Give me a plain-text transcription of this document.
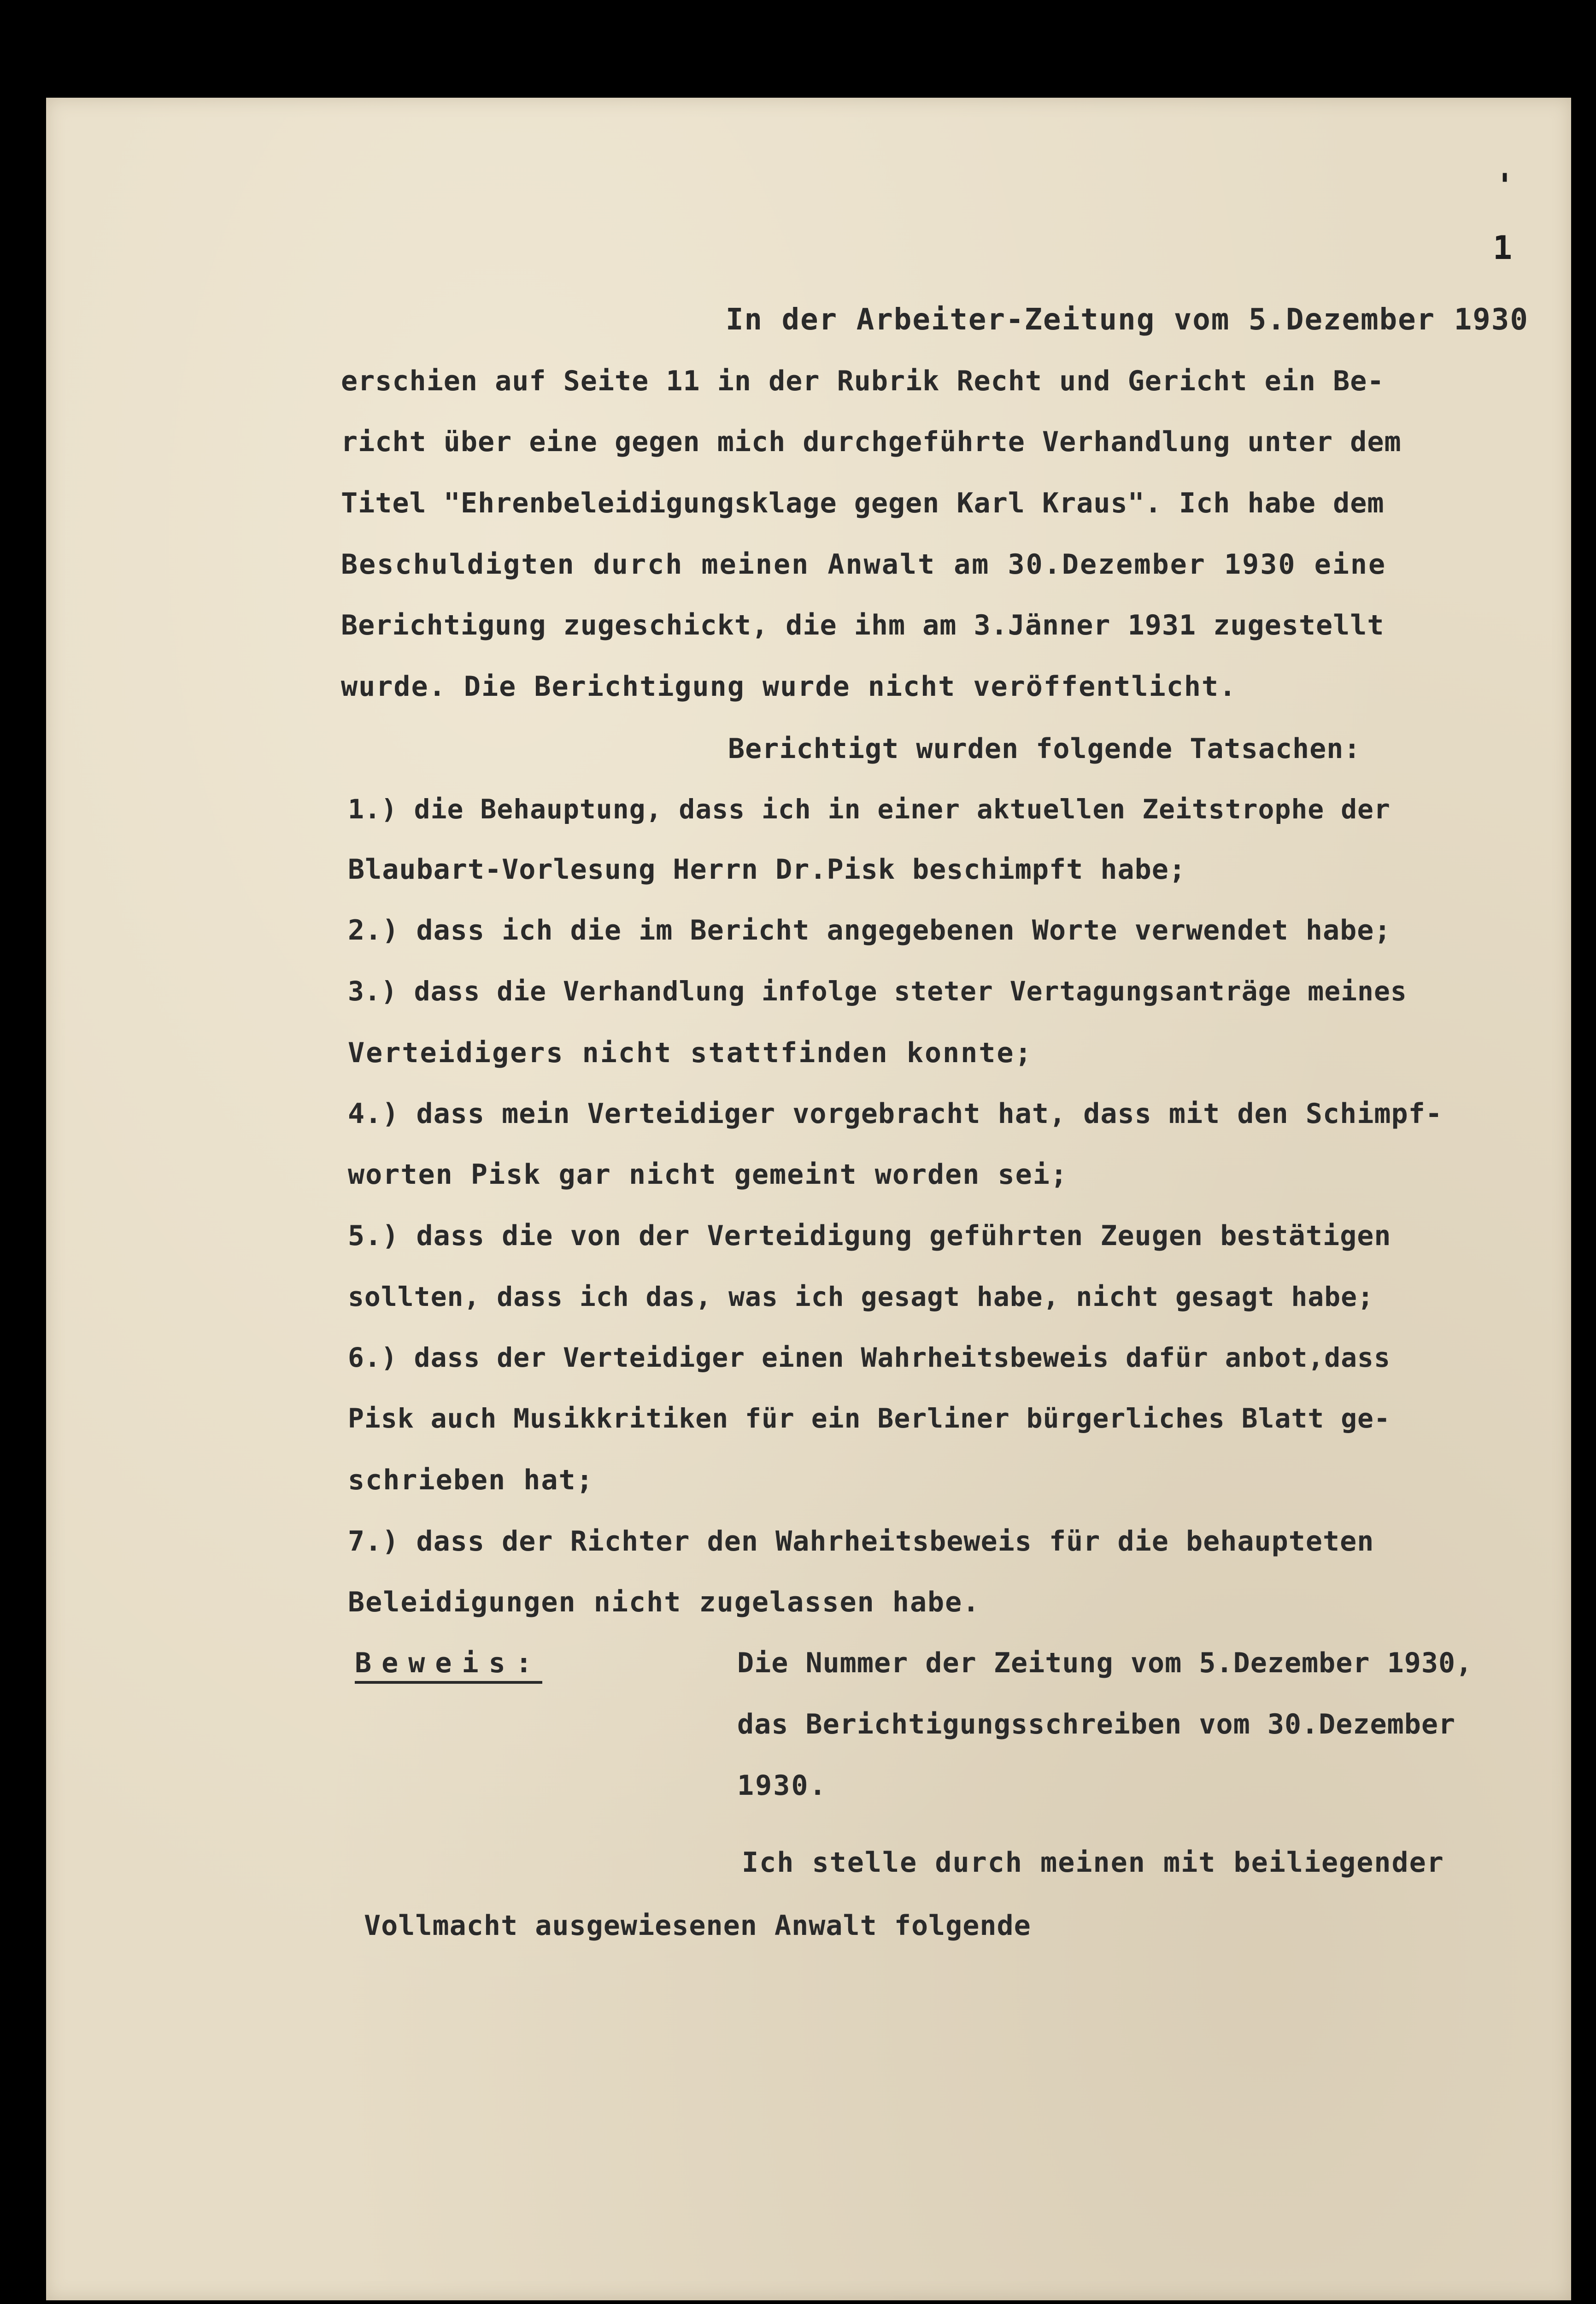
'
1
In der Arbeiter-Zeitung vom 5.Dezember 1930
erschien auf Seite 11 in der Rubrik Recht und Gericht ein Be-
richt über eine gegen mich durchgeführte Verhandlung unter dem
Titel "Ehrenbeleidigungsklage gegen Karl Kraus". Ich habe dem
Beschuldigten durch meinen Anwalt am 30.Dezember 1930 eine
Berichtigung zugeschickt, die ihm am 3.Jänner 1931 zugestellt
wurde. Die Berichtigung wurde nicht veröffentlicht.
Berichtigt wurden folgende Tatsachen:
1.) die Behauptung, dass ich in einer aktuellen Zeitstrophe der
Blaubart-Vorlesung Herrn Dr.Pisk beschimpft habe;
2.) dass ich die im Bericht angegebenen Worte verwendet habe;
3.) dass die Verhandlung infolge steter Vertagungsanträge meines
Verteidigers nicht stattfinden konnte;
4.) dass mein Verteidiger vorgebracht hat, dass mit den Schimpf-
worten Pisk gar nicht gemeint worden sei;
5.) dass die von der Verteidigung geführten Zeugen bestätigen
sollten, dass ich das, was ich gesagt habe, nicht gesagt habe;
6.) dass der Verteidiger einen Wahrheitsbeweis dafür anbot,dass
Pisk auch Musikkritiken für ein Berliner bürgerliches Blatt ge-
schrieben hat;
7.) dass der Richter den Wahrheitsbeweis für die behaupteten
Beleidigungen nicht zugelassen habe.
Beweis:	Die Nummer der Zeitung vom 5.Dezember 1930,
das Berichtigungsschreiben vom 30.Dezember
1930.
Ich stelle durch meinen mit beiliegender
Vollmacht ausgewiesenen Anwalt folgende
